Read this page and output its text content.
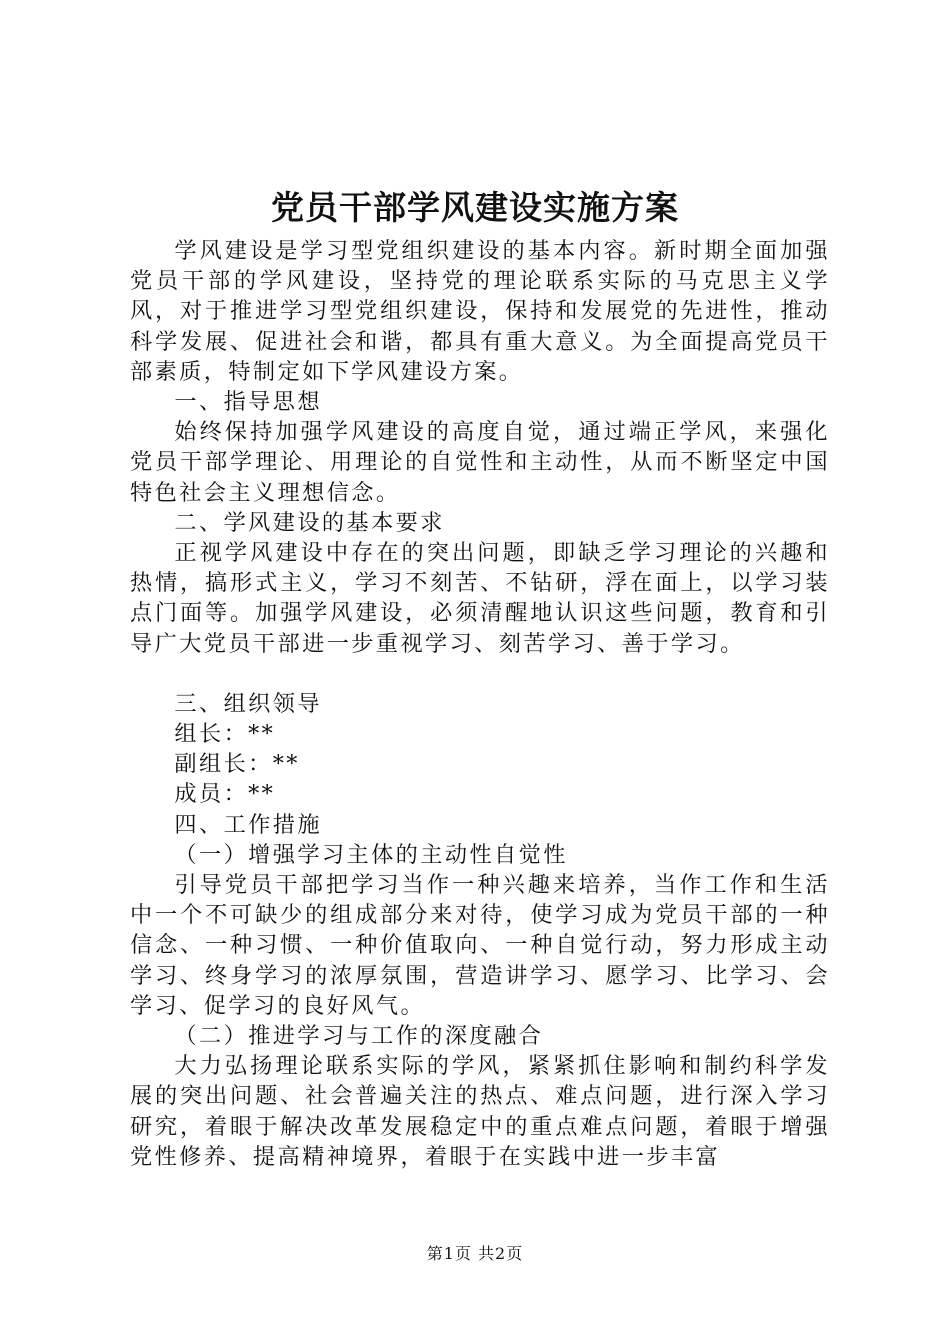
党员干部学风建设实施方案

学风建设是学习型党组织建设的基本内容。新时期全面加强党员干部的学风建设，坚持党的理论联系实际的马克思主义学风，对于推进学习型党组织建设，保持和发展党的先进性，推动科学发展、促进社会和谐，都具有重大意义。为全面提高党员干部素质，特制定如下学风建设方案。

一、指导思想

始终保持加强学风建设的高度自觉，通过端正学风，来强化党员干部学理论、用理论的自觉性和主动性，从而不断坚定中国特色社会主义理想信念。

二、学风建设的基本要求

正视学风建设中存在的突出问题，即缺乏学习理论的兴趣和热情，搞形式主义，学习不刻苦、不钻研，浮在面上，以学习装点门面等。加强学风建设，必须清醒地认识这些问题，教育和引导广大党员干部进一步重视学习、刻苦学习、善于学习。

三、组织领导

组长：**

副组长：**

成员：**

四、工作措施

（一）增强学习主体的主动性自觉性

引导党员干部把学习当作一种兴趣来培养，当作工作和生活中一个不可缺少的组成部分来对待，使学习成为党员干部的一种信念、一种习惯、一种价值取向、一种自觉行动，努力形成主动学习、终身学习的浓厚氛围，营造讲学习、愿学习、比学习、会学习、促学习的良好风气。

（二）推进学习与工作的深度融合

大力弘扬理论联系实际的学风，紧紧抓住影响和制约科学发展的突出问题、社会普遍关注的热点、难点问题，进行深入学习研究，着眼于解决改革发展稳定中的重点难点问题，着眼于增强党性修养、提高精神境界，着眼于在实践中进一步丰富

第1页 共2页
